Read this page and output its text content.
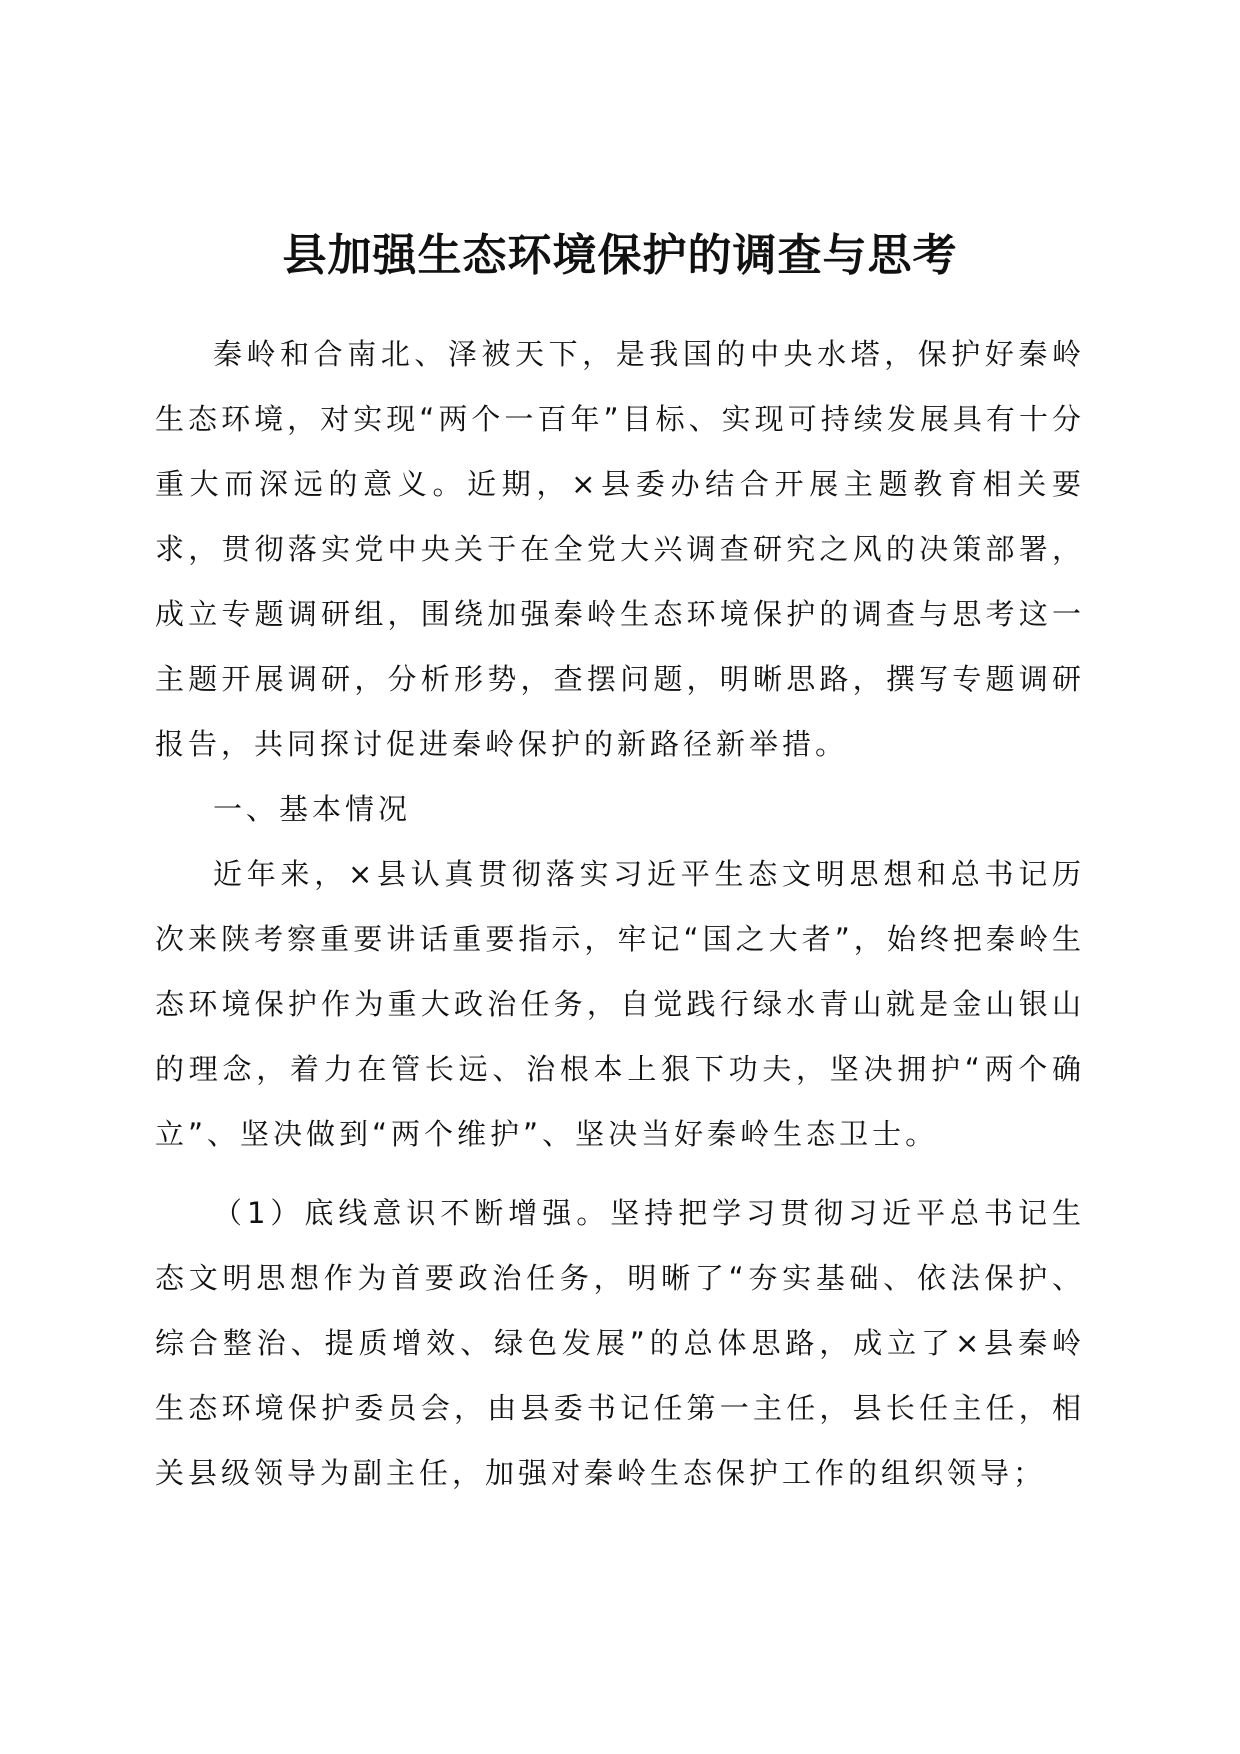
县加强生态环境保护的调查与思考

秦岭和合南北、泽被天下，是我国的中央水塔，保护好秦岭生态环境，对实现“两个一百年”目标、实现可持续发展具有十分重大而深远的意义。近期，×县委办结合开展主题教育相关要求，贯彻落实党中央关于在全党大兴调查研究之风的决策部署，成立专题调研组，围绕加强秦岭生态环境保护的调查与思考这一主题开展调研，分析形势，查摆问题，明晰思路，撰写专题调研报告，共同探讨促进秦岭保护的新路径新举措。

一、基本情况

近年来，×县认真贯彻落实习近平生态文明思想和总书记历次来陕考察重要讲话重要指示，牢记“国之大者”，始终把秦岭生态环境保护作为重大政治任务，自觉践行绿水青山就是金山银山的理念，着力在管长远、治根本上狠下功夫，坚决拥护“两个确立”、坚决做到“两个维护”、坚决当好秦岭生态卫士。

（1）底线意识不断增强。坚持把学习贯彻习近平总书记生态文明思想作为首要政治任务，明晰了“夯实基础、依法保护、综合整治、提质增效、绿色发展”的总体思路，成立了×县秦岭生态环境保护委员会，由县委书记任第一主任，县长任主任，相关县级领导为副主任，加强对秦岭生态保护工作的组织领导；
